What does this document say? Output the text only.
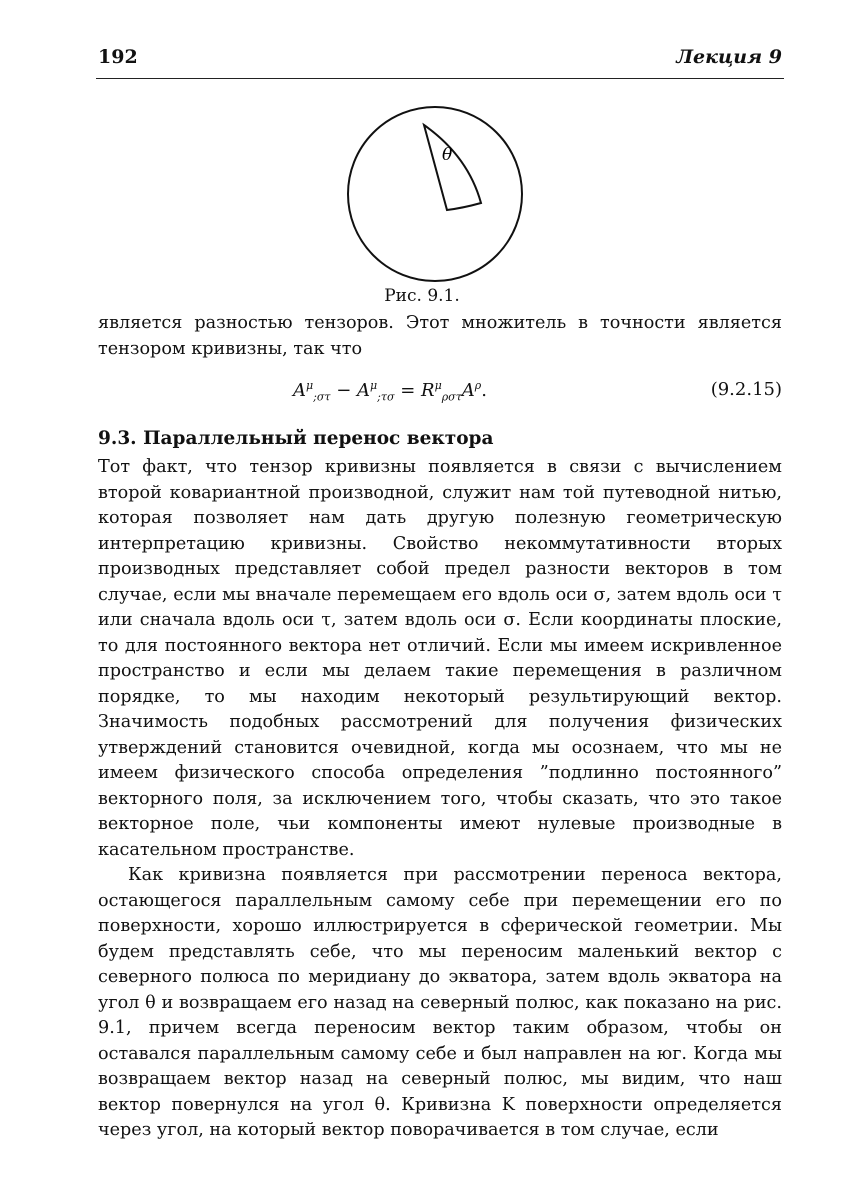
192	Лекция 9
θ
Рис. 9.1.

является разностью тензоров. Этот множитель в точности является тензором кривизны, так что

$A^\mu_{;\sigma\tau} - A^\mu_{;\tau\sigma} = R^\mu_{\rho\sigma\tau}A^\rho$.	(9.2.15)
9.3. Параллельный перенос вектора

Тот факт, что тензор кривизны появляется в связи с вычислением второй ковариантной производной, служит нам той путеводной нитью, которая позволяет нам дать другую полезную геометрическую интерпретацию кривизны. Свойство некоммутативности вторых производных представляет собой предел разности векторов в том случае, если мы вначале перемещаем его вдоль оси σ, затем вдоль оси τ или сначала вдоль оси τ, затем вдоль оси σ. Если координаты плоские, то для постоянного вектора нет отличий. Если мы имеем искривленное пространство и если мы делаем такие перемещения в различном порядке, то мы находим некоторый результирующий вектор. Значимость подобных рассмотрений для получения физических утверждений становится очевидной, когда мы осознаем, что мы не имеем физического способа определения ”подлинно постоянного” векторного поля, за исключением того, чтобы сказать, что это такое векторное поле, чьи компоненты имеют нулевые производные в касательном пространстве.

Как кривизна появляется при рассмотрении переноса вектора, остающегося параллельным самому себе при перемещении его по поверхности, хорошо иллюстрируется в сферической геометрии. Мы будем представлять себе, что мы переносим маленький вектор с северного полюса по меридиану до экватора, затем вдоль экватора на угол θ и возвращаем его назад на северный полюс, как показано на рис. 9.1, причем всегда переносим вектор таким образом, чтобы он оставался параллельным самому себе и был направлен на юг. Когда мы возвращаем вектор назад на северный полюс, мы видим, что наш вектор повернулся на угол θ. Кривизна K поверхности определяется через угол, на который вектор поворачивается в том случае, если
